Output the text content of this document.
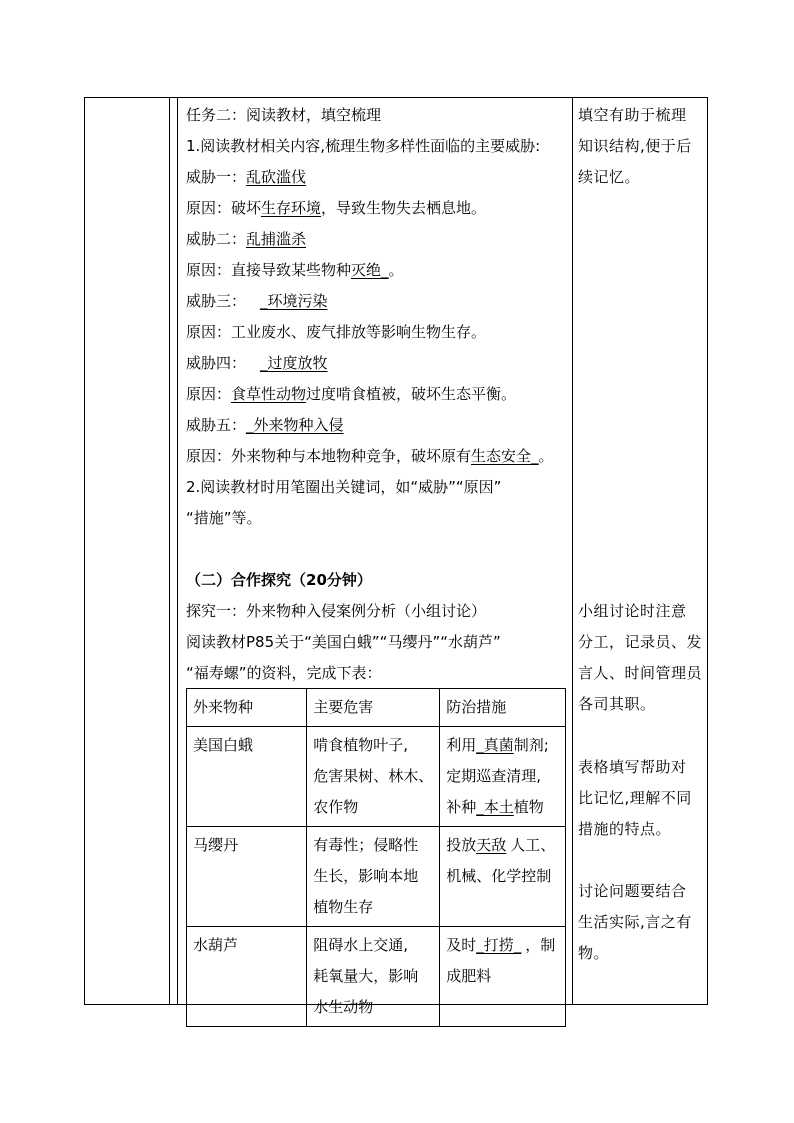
任务二：阅读教材，填空梳理
1.阅读教材相关内容,梳理生物多样性面临的主要威胁:
威胁一：乱砍滥伐
原因：破坏生存环境，导致生物失去栖息地。
威胁二：乱捕滥杀
原因：直接导致某些物种灭绝_。
威胁三： _环境污染
原因：工业废水、废气排放等影响生物生存。
威胁四： _过度放牧
原因：食草性动物过度啃食植被，破坏生态平衡。
威胁五：_外来物种入侵
原因：外来物种与本地物种竞争，破坏原有生态安全_。
2.阅读教材时用笔圈出关键词，如“威胁”“原因”
“措施”等。
（二）合作探究（20分钟）
探究一：外来物种入侵案例分析（小组讨论）
阅读教材P85关于“美国白蛾”“马缨丹”“水葫芦”
“福寿螺”的资料，完成下表：
外来物种	主要危害	防治措施
美国白蛾	啃食植物叶子,
危害果树、林木、
农作物	利用_真菌制剂;
定期巡查清理,
补种_本土植物

马缨丹	有毒性；侵略性
生长，影响本地
植物生存	投放天敌 人工、
机械、化学控制

水葫芦	阻碍水上交通,
耗氧量大，影响
水生动物	及时_打捞_ ，制
成肥料
填空有助于梳理
知识结构,便于后
续记忆。
小组讨论时注意
分工，记录员、发
言人、时间管理员
各司其职。
表格填写帮助对
比记忆,理解不同
措施的特点。
讨论问题要结合
生活实际,言之有
物。
